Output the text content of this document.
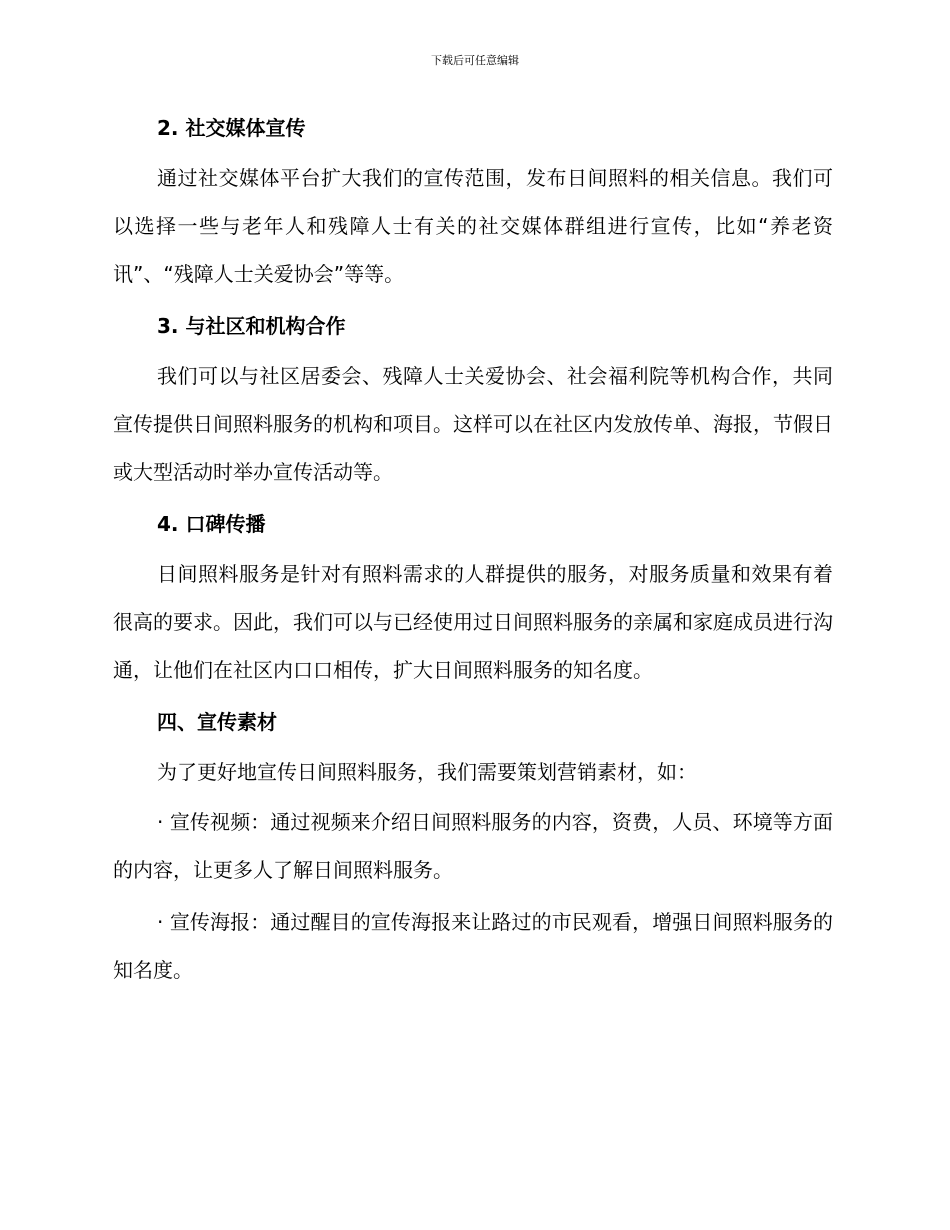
下载后可任意编辑
2. 社交媒体宣传

通过社交媒体平台扩大我们的宣传范围，发布日间照料的相关信息。我们可以选择一些与老年人和残障人士有关的社交媒体群组进行宣传，比如“养老资讯”、“残障人士关爱协会”等等。

3. 与社区和机构合作

我们可以与社区居委会、残障人士关爱协会、社会福利院等机构合作，共同宣传提供日间照料服务的机构和项目。这样可以在社区内发放传单、海报，节假日或大型活动时举办宣传活动等。

4. 口碑传播

日间照料服务是针对有照料需求的人群提供的服务，对服务质量和效果有着很高的要求。因此，我们可以与已经使用过日间照料服务的亲属和家庭成员进行沟通，让他们在社区内口口相传，扩大日间照料服务的知名度。

四、宣传素材

为了更好地宣传日间照料服务，我们需要策划营销素材，如：

· 宣传视频：通过视频来介绍日间照料服务的内容，资费，人员、环境等方面的内容，让更多人了解日间照料服务。

· 宣传海报：通过醒目的宣传海报来让路过的市民观看，增强日间照料服务的知名度。
